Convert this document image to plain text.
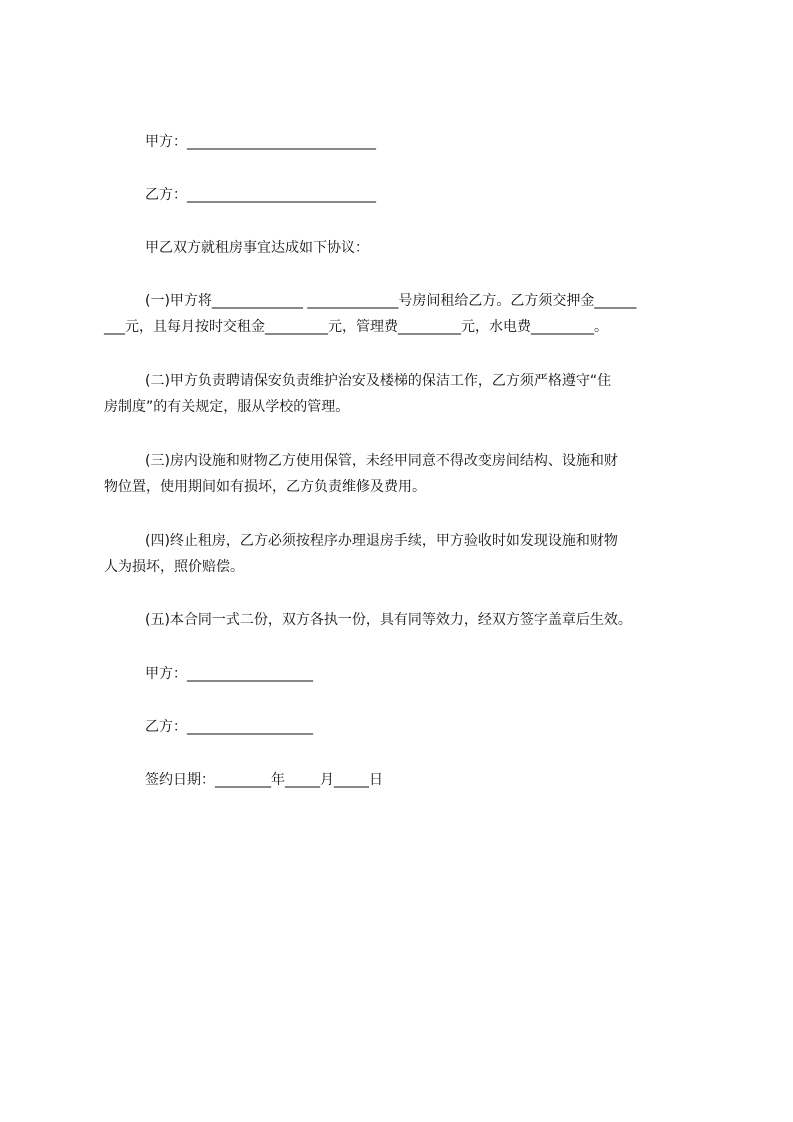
甲方：___________________________
乙方：___________________________
甲乙双方就租房事宜达成如下协议：
(一)甲方将_____________ _____________号房间租给乙方。乙方须交押金______
___元，且每月按时交租金_________元，管理费_________元，水电费_________。
(二)甲方负责聘请保安负责维护治安及楼梯的保洁工作，乙方须严格遵守“住
房制度”的有关规定，服从学校的管理。
(三)房内设施和财物乙方使用保管，未经甲同意不得改变房间结构、设施和财
物位置，使用期间如有损坏，乙方负责维修及费用。
(四)终止租房，乙方必须按程序办理退房手续，甲方验收时如发现设施和财物
人为损坏，照价赔偿。
(五)本合同一式二份，双方各执一份，具有同等效力，经双方签字盖章后生效。
甲方：__________________
乙方：__________________
签约日期：________年_____月_____日
